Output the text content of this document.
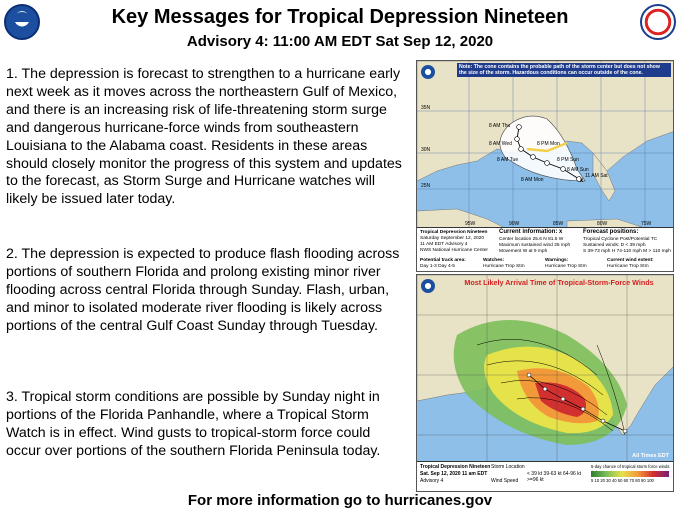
Key Messages for Tropical Depression Nineteen
Advisory 4: 11:00 AM EDT Sat Sep 12, 2020
1. The depression is forecast to strengthen to a hurricane early next week as it moves across the northeastern Gulf of Mexico, and there is an increasing risk of life-threatening storm surge and dangerous hurricane-force winds from southeastern Louisiana to the Alabama coast. Residents in these areas should closely monitor the progress of this system and updates to the forecast, as Storm Surge and Hurricane watches will likely be issued later today.
2. The depression is expected to produce flash flooding across portions of southern Florida and prolong existing minor river flooding across central Florida through Sunday. Flash, urban, and minor to isolated moderate river flooding is likely across portions of the central Gulf Coast Sunday through Tuesday.
3. Tropical storm conditions are possible by Sunday night in portions of the Florida Panhandle, where a Tropical Storm Watch is in effect. Wind gusts to tropical-storm force could occur over portions of the southern Florida Peninsula today.
x
Note: The cone contains the probable path of the storm center but does not show the size of the storm. Hazardous conditions can occur outside of the cone.
35N
30N
25N
95W	90W	85W	80W	75W
8 AM Thu
8 AM Wed
8 AM Tue
8 AM Mon
8 PM Mon
8 PM Sun
8 AM Sun
11 AM Sat
Tropical Depression Nineteen
Saturday September 12, 2020
11 AM EDT Advisory 4
NWS National Hurricane Center
Current information: x
Center location 25.6 N 81.5 W
Maximum sustained wind 35 mph
Movement W at 9 mph
Forecast positions:
Tropical Cyclone Post/Potential TC
Sustained winds: D < 39 mph
S 39-73 mph H 74-110 mph M > 110 mph
Potential track area:
Day 1-3 Day 4-5
Watches:
Hurricane Trop Stm
Warnings:
Hurricane Trop Stm
Current wind extent:
Hurricane Trop Stm
Most Likely Arrival Time of Tropical-Storm-Force Winds
All Times EDT
Tropical Depression Nineteen
Sat. Sep 12, 2020 11 am EDT
Advisory 4
Storm Location
Wind Speed
< 39 kt 39-63 kt 64-96 kt >=96 kt
5-day chance of tropical storm force winds
5 10 20 30 40 50 60 70 80 90 100
For more information go to hurricanes.gov
